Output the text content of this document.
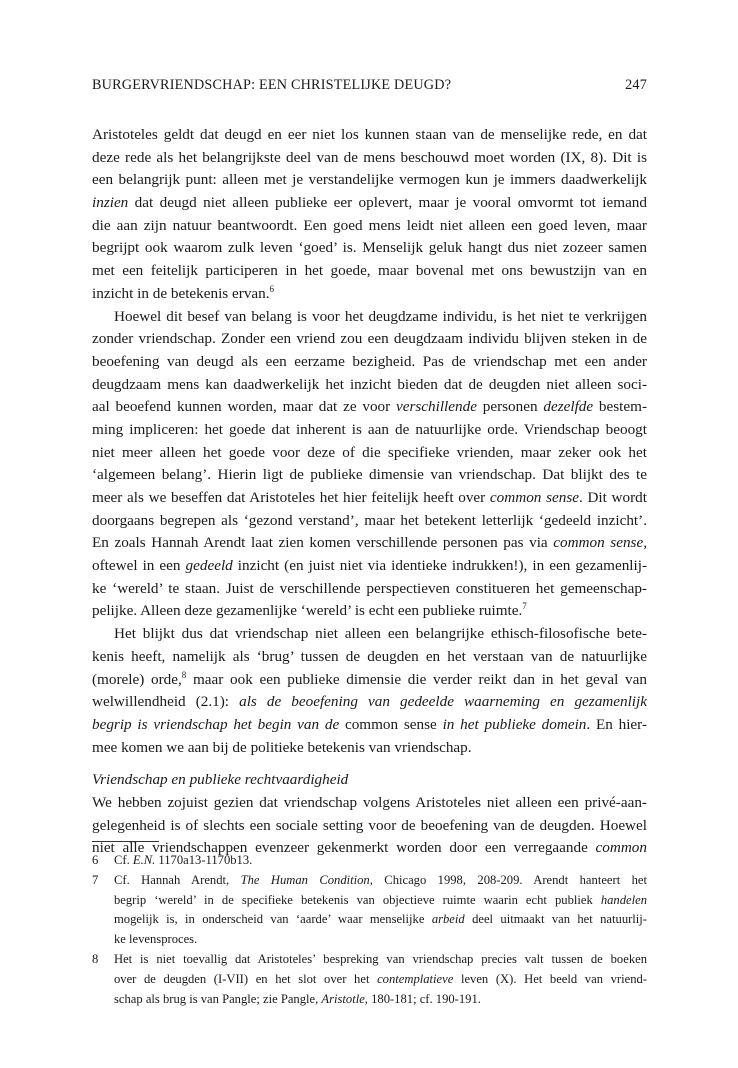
BURGERVRIENDSCHAP: EEN CHRISTELIJKE DEUGD?	247
Aristoteles geldt dat deugd en eer niet los kunnen staan van de menselijke rede, en dat
deze rede als het belangrijkste deel van de mens beschouwd moet worden (IX, 8). Dit is
een belangrijk punt: alleen met je verstandelijke vermogen kun je immers daadwerkelijk
inzien dat deugd niet alleen publieke eer oplevert, maar je vooral omvormt tot iemand
die aan zijn natuur beantwoordt. Een goed mens leidt niet alleen een goed leven, maar
begrijpt ook waarom zulk leven ‘goed’ is. Menselijk geluk hangt dus niet zozeer samen
met een feitelijk participeren in het goede, maar bovenal met ons bewustzijn van en
inzicht in de betekenis ervan.$^6$
Hoewel dit besef van belang is voor het deugdzame individu, is het niet te verkrijgen
zonder vriendschap. Zonder een vriend zou een deugdzaam individu blijven steken in de
beoefening van deugd als een eerzame bezigheid. Pas de vriendschap met een ander
deugdzaam mens kan daadwerkelijk het inzicht bieden dat de deugden niet alleen soci-
aal beoefend kunnen worden, maar dat ze voor verschillende personen dezelfde bestem-
ming impliceren: het goede dat inherent is aan de natuurlijke orde. Vriendschap beoogt
niet meer alleen het goede voor deze of die specifieke vrienden, maar zeker ook het
‘algemeen belang’. Hierin ligt de publieke dimensie van vriendschap. Dat blijkt des te
meer als we beseffen dat Aristoteles het hier feitelijk heeft over common sense. Dit wordt
doorgaans begrepen als ‘gezond verstand’, maar het betekent letterlijk ‘gedeeld inzicht’.
En zoals Hannah Arendt laat zien komen verschillende personen pas via common sense,
oftewel in een gedeeld inzicht (en juist niet via identieke indrukken!), in een gezamenlij-
ke ‘wereld’ te staan. Juist de verschillende perspectieven constitueren het gemeenschap-
pelijke. Alleen deze gezamenlijke ‘wereld’ is echt een publieke ruimte.$^7$
Het blijkt dus dat vriendschap niet alleen een belangrijke ethisch-filosofische bete-
kenis heeft, namelijk als ‘brug’ tussen de deugden en het verstaan van de natuurlijke
(morele) orde,$^8$ maar ook een publieke dimensie die verder reikt dan in het geval van
welwillendheid (2.1): als de beoefening van gedeelde waarneming en gezamenlijk
begrip is vriendschap het begin van de common sense in het publieke domein. En hier-
mee komen we aan bij de politieke betekenis van vriendschap.
Vriendschap en publieke rechtvaardigheid
We hebben zojuist gezien dat vriendschap volgens Aristoteles niet alleen een privé-aan-
gelegenheid is of slechts een sociale setting voor de beoefening van de deugden. Hoewel
niet alle vriendschappen evenzeer gekenmerkt worden door een verregaande common
6 Cf. E.N. 1170a13-1170b13.
7 Cf. Hannah Arendt, The Human Condition, Chicago 1998, 208-209. Arendt hanteert het
begrip ‘wereld’ in de specifieke betekenis van objectieve ruimte waarin echt publiek handelen
mogelijk is, in onderscheid van ‘aarde’ waar menselijke arbeid deel uitmaakt van het natuurlij-
ke levensproces.
8 Het is niet toevallig dat Aristoteles’ bespreking van vriendschap precies valt tussen de boeken
over de deugden (I-VII) en het slot over het contemplatieve leven (X). Het beeld van vriend-
schap als brug is van Pangle; zie Pangle, Aristotle, 180-181; cf. 190-191.
